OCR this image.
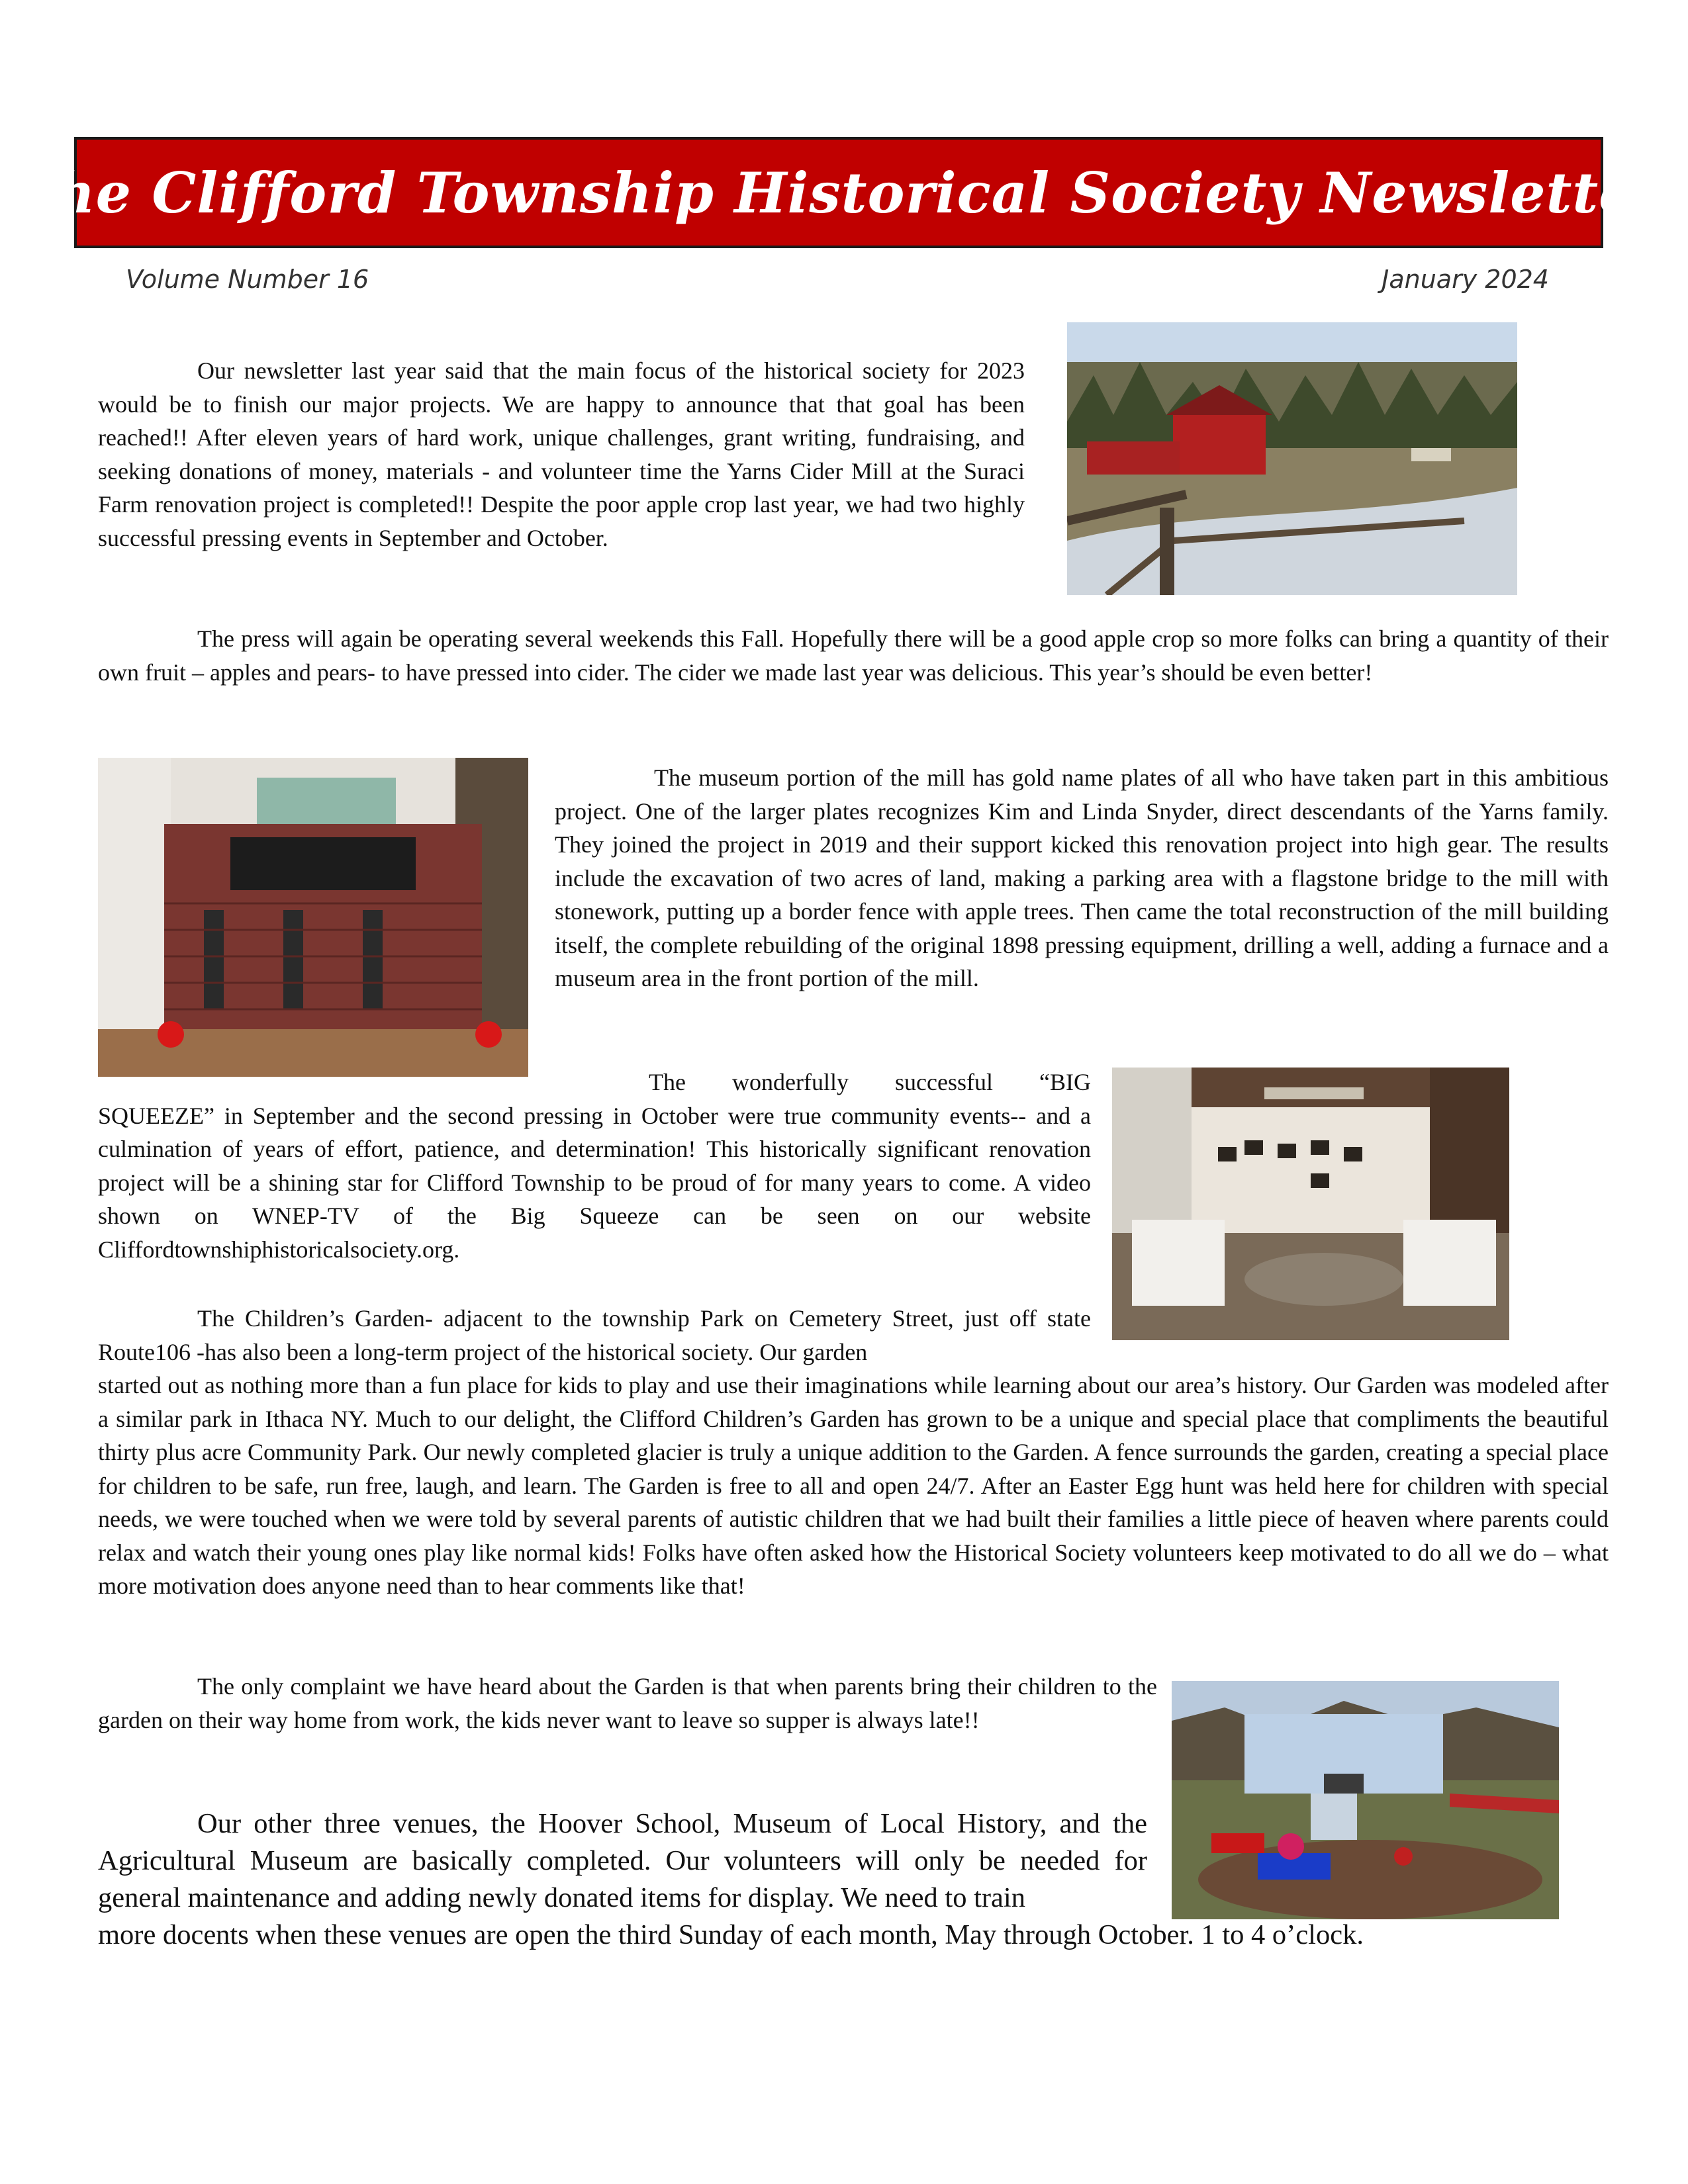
The Clifford Township Historical Society Newsletter
Volume Number 16	January 2024

Our newsletter last year said that the main focus of the historical society for 2023 would be to finish our major projects. We are happy to announce that that goal has been reached!! After eleven years of hard work, unique challenges, grant writing, fundraising, and seeking donations of money, materials - and volunteer time the Yarns Cider Mill at the Suraci Farm renovation project is completed!! Despite the poor apple crop last year, we had two highly successful pressing events in September and October.

The press will again be operating several weekends this Fall. Hopefully there will be a good apple crop so more folks can bring a quantity of their own fruit – apples and pears- to have pressed into cider. The cider we made last year was delicious. This year’s should be even better!

The museum portion of the mill has gold name plates of all who have taken part in this ambitious project. One of the larger plates recognizes Kim and Linda Snyder, direct descendants of the Yarns family. They joined the project in 2019 and their support kicked this renovation project into high gear. The results include the excavation of two acres of land, making a parking area with a flagstone bridge to the mill with stonework, putting up a border fence with apple trees. Then came the total reconstruction of the mill building itself, the complete rebuilding of the original 1898 pressing equipment, drilling a well, adding a furnace and a museum area in the front portion of the mill.

The wonderfully successful “BIG SQUEEZE” in September and the second pressing in October were true community events-- and a culmination of years of effort, patience, and determination! This historically significant renovation project will be a shining star for Clifford Township to be proud of for many years to come. A video shown on WNEP-TV of the Big Squeeze can be seen on our website Cliffordtownshiphistoricalsociety.org.

The Children’s Garden- adjacent to the township Park on Cemetery Street, just off state Route106 -has also been a long-term project of the historical society. Our garden

started out as nothing more than a fun place for kids to play and use their imaginations while learning about our area’s history. Our Garden was modeled after a similar park in Ithaca NY. Much to our delight, the Clifford Children’s Garden has grown to be a unique and special place that compliments the beautiful thirty plus acre Community Park. Our newly completed glacier is truly a unique addition to the Garden. A fence surrounds the garden, creating a special place for children to be safe, run free, laugh, and learn. The Garden is free to all and open 24/7. After an Easter Egg hunt was held here for children with special needs, we were touched when we were told by several parents of autistic children that we had built their families a little piece of heaven where parents could relax and watch their young ones play like normal kids! Folks have often asked how the Historical Society volunteers keep motivated to do all we do – what more motivation does anyone need than to hear comments like that!

The only complaint we have heard about the Garden is that when parents bring their children to the garden on their way home from work, the kids never want to leave so supper is always late!!

Our other three venues, the Hoover School, Museum of Local History, and the Agricultural Museum are basically completed. Our volunteers will only be needed for general maintenance and adding newly donated items for display. We need to train

more docents when these venues are open the third Sunday of each month, May through October. 1 to 4 o’clock.
